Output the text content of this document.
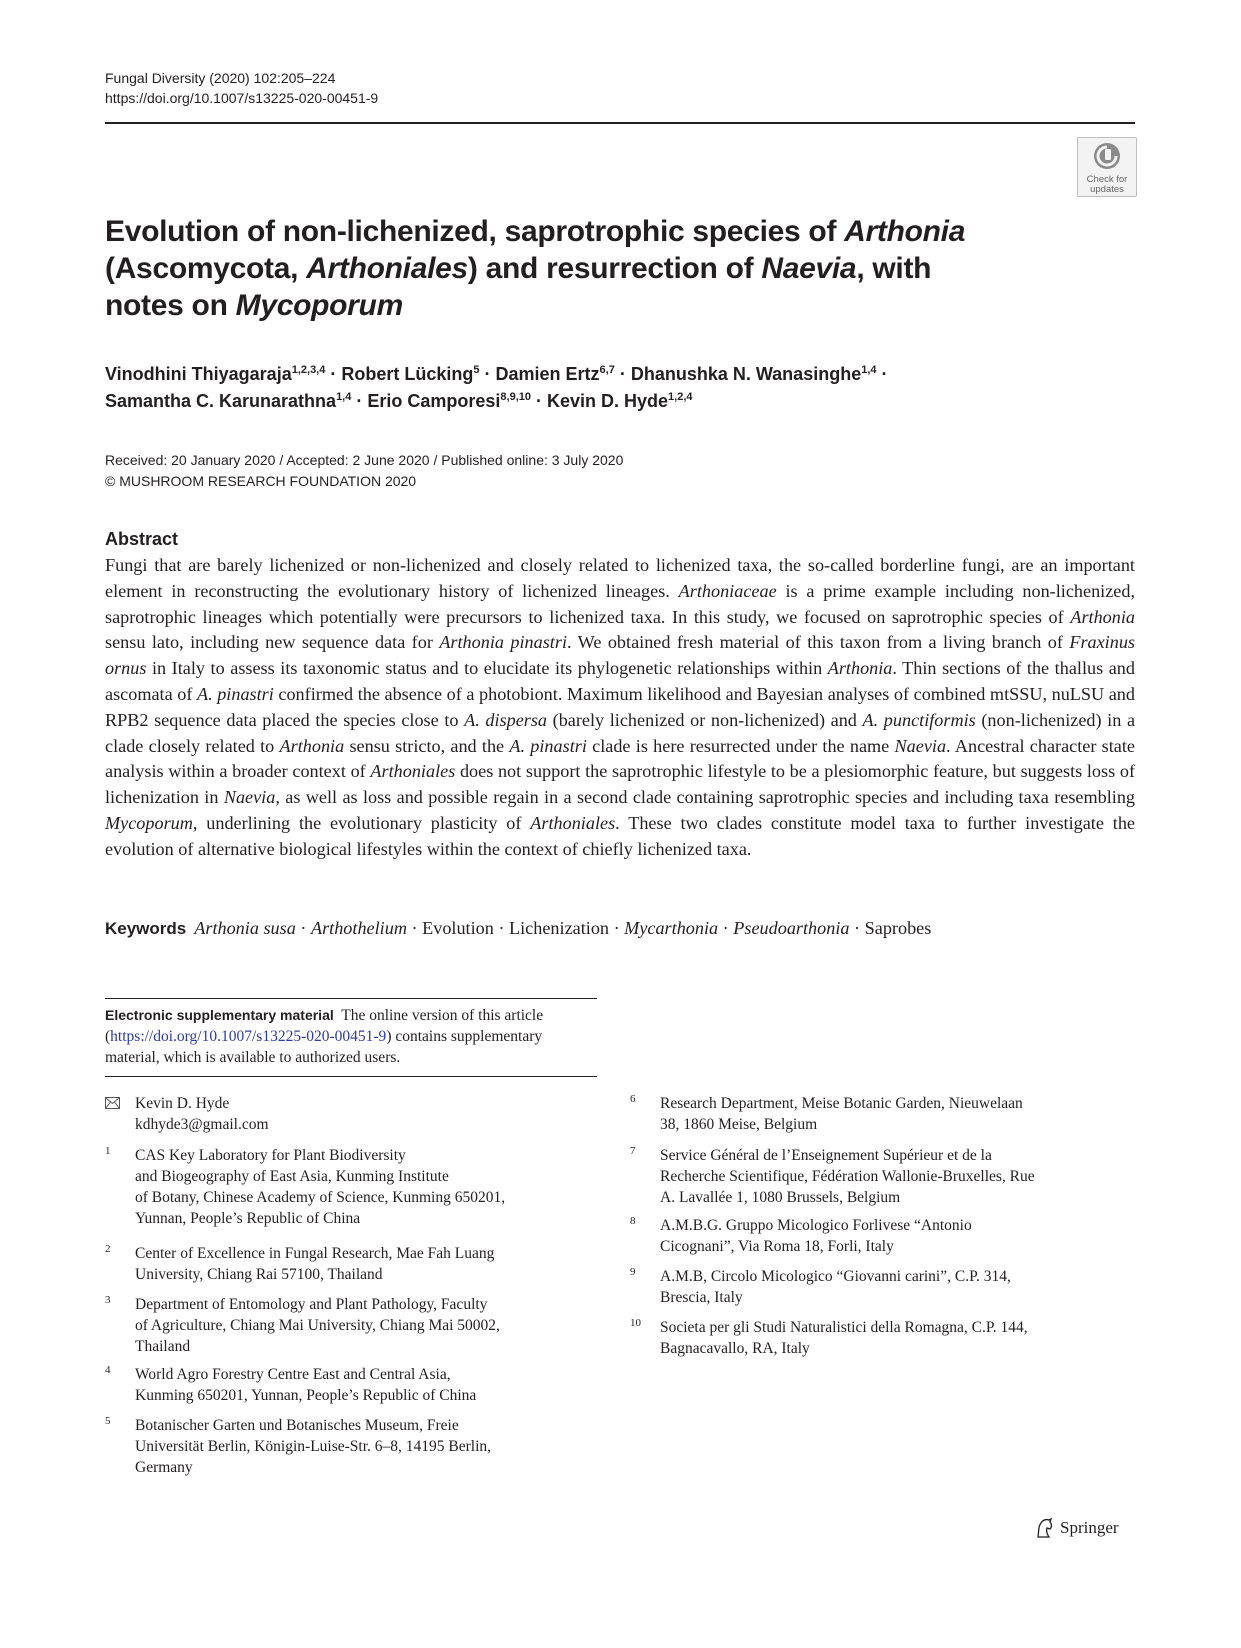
Fungal Diversity (2020) 102:205–224
https://doi.org/10.1007/s13225-020-00451-9
Check for
updates
Evolution of non-lichenized, saprotrophic species of Arthonia (Ascomycota, Arthoniales) and resurrection of Naevia, with notes on Mycoporum
Vinodhini Thiyagaraja$^{1,2,3,4}$ · Robert Lücking$^5$ · Damien Ertz$^{6,7}$ · Dhanushka N. Wanasinghe$^{1,4}$ ·
Samantha C. Karunarathna$^{1,4}$ · Erio Camporesi$^{8,9,10}$ · Kevin D. Hyde$^{1,2,4}$
Received: 20 January 2020 / Accepted: 2 June 2020 / Published online: 3 July 2020
© MUSHROOM RESEARCH FOUNDATION 2020
Abstract
Fungi that are barely lichenized or non-lichenized and closely related to lichenized taxa, the so-called borderline fungi, are an important element in reconstructing the evolutionary history of lichenized lineages. Arthoniaceae is a prime example including non-lichenized, saprotrophic lineages which potentially were precursors to lichenized taxa. In this study, we focused on saprotrophic species of Arthonia sensu lato, including new sequence data for Arthonia pinastri. We obtained fresh material of this taxon from a living branch of Fraxinus ornus in Italy to assess its taxonomic status and to elucidate its phylogenetic relationships within Arthonia. Thin sections of the thallus and ascomata of A. pinastri confirmed the absence of a photobiont. Maximum likelihood and Bayesian analyses of combined mtSSU, nuLSU and RPB2 sequence data placed the species close to A. dispersa (barely lichenized or non-lichenized) and A. punctiformis (non-lichenized) in a clade closely related to Arthonia sensu stricto, and the A. pinastri clade is here resurrected under the name Naevia. Ancestral character state analysis within a broader context of Arthoniales does not support the saprotrophic lifestyle to be a plesiomorphic feature, but suggests loss of lichenization in Naevia, as well as loss and possible regain in a second clade containing saprotrophic species and including taxa resembling Mycoporum, underlining the evolutionary plasticity of Arthoniales. These two clades constitute model taxa to further investigate the evolution of alternative biological lifestyles within the context of chiefly lichenized taxa.
Keywords Arthonia susa · Arthothelium · Evolution · Lichenization · Mycarthonia · Pseudoarthonia · Saprobes
Electronic supplementary material The online version of this article (https://doi.org/10.1007/s13225-020-00451-9) contains supplementary material, which is available to authorized users.
Kevin D. Hyde
kdhyde3@gmail.com
1 CAS Key Laboratory for Plant Biodiversity
and Biogeography of East Asia, Kunming Institute
of Botany, Chinese Academy of Science, Kunming 650201,
Yunnan, People’s Republic of China
2 Center of Excellence in Fungal Research, Mae Fah Luang
University, Chiang Rai 57100, Thailand
3 Department of Entomology and Plant Pathology, Faculty
of Agriculture, Chiang Mai University, Chiang Mai 50002,
Thailand
4 World Agro Forestry Centre East and Central Asia,
Kunming 650201, Yunnan, People’s Republic of China
5 Botanischer Garten und Botanisches Museum, Freie
Universität Berlin, Königin-Luise-Str. 6–8, 14195 Berlin,
Germany
6 Research Department, Meise Botanic Garden, Nieuwelaan
38, 1860 Meise, Belgium
7 Service Général de l’Enseignement Supérieur et de la
Recherche Scientifique, Fédération Wallonie-Bruxelles, Rue
A. Lavallée 1, 1080 Brussels, Belgium
8 A.M.B.G. Gruppo Micologico Forlivese “Antonio
Cicognani”, Via Roma 18, Forli, Italy
9 A.M.B, Circolo Micologico “Giovanni carini”, C.P. 314,
Brescia, Italy
10 Societa per gli Studi Naturalistici della Romagna, C.P. 144,
Bagnacavallo, RA, Italy
Springer
